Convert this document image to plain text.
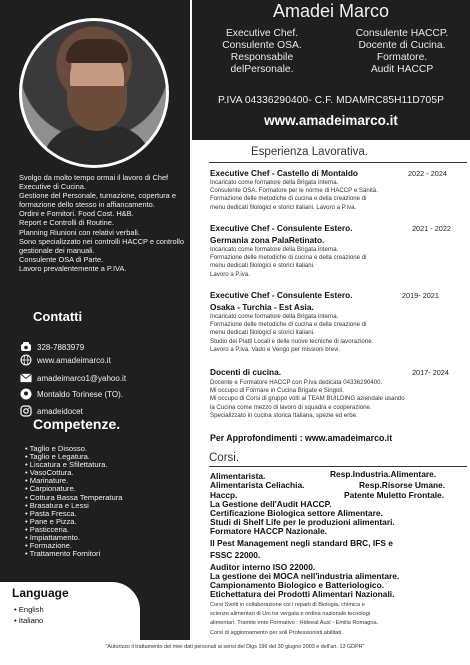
Svolgo da molto tempo ormai il lavoro di Chef Executive di Cucina.

Gestione del Personale, turnazione, copertura e formazione dello stesso in affiancamento.

Ordini e Fornitori. Food Cost. H&B.

Report e Controlli di Routine.

Planning Riunioni con relativi verbali.

Sono specializzato nei controlli HACCP e controllo gestionale dei manuali.

Consulente OSA di Parte.

Lavoro prevalentemente a P.IVA.

Contatti
328-7883979
www.amadeimarco.it
amadeimarco1@yahoo.it
Montaldo Torinese (TO).
amadeidocet
Competenze.
• Taglio e Disosso.
• Taglio e Legatura.
• Liscatura e Sfilettatura.
• VasoCottura.
• Marinature.
• Carpionature.
• Cottura Bassa Temperatura
• Brasatura e Lessi
• Pasta Fresca.
• Pane e Pizza.
• Pasticceria.
• Impiattamento.
• Formazione.
• Trattamento Fornitori
Language
• English
• Italiano
Amadei Marco
Executive Chef.
Consulente OSA.
Responsabile
delPersonale.
Consulente HACCP.
Docente di Cucina.
Formatore.
Audit HACCP
P.IVA 04336290400- C.F. MDAMRC85H11D705P
www.amadeimarco.it
Esperienza Lavorativa.
Executive Chef - Castello di Montaldo	2022 - 2024
Incaricato come formatore della Brigata interna.
Consulente OSA. Formatore per le norme di HACCP e Sanità.
Formazione delle metodiche di cucina e della creazione di
menu dedicati filologici e storici italiani. Lavoro a P.iva.
Executive Chef - Consulente Estero.	2021 - 2022
Germania zona PalaRetinato.
Incaricato come formatore della Brigata interna.
Formazione delle metodiche di cucina e della creazione di
menu dedicati filologici e storici italiani.
Lavoro a P.iva.
Executive Chef - Consulente Estero.	2019- 2021
Osaka - Turchia - Est Asia.
Incaricato come formatore della Brigata interna.
Formazione delle metodiche di cucina e della creazione di
menu dedicati filologici e storici italiani.
Studio dei Piatti Locali e delle nuove tecniche di lavorazione.
Lavoro a P.iva. Vado e Vengo per missioni brevi.
Docenti di cucina.	2017- 2024
Docente e Formatore HACCP con P.Iva dedicata 04336290400.
Mi occupo di Formare in Cucina Brigate e Singoli.
Mi occupo di Corsi di gruppo volti al TEAM BUILDING aziendale usando
la Cucina come mezzo di lavoro di squadra e cooperazione.
Specializzato in cucina storica Italiana, spezie ed erbe.
Per Approfondimenti : www.amadeimarco.it
Corsi.
Alimentarista.	Resp.Industria.Alimentare.
Alimentarista Celiachia.	Resp.Risorse Umane.
Haccp.	Patente Muletto Frontale.
La Gestione dell'Audit HACCP.
Certificazione Biologica settore Alimentare.
Studi di Shelf Life per le produzioni alimentari.
Formatore HACCP Nazionale.
Il Pest Management negli standard BRC, IFS e
FSSC 22000.
Auditor interno ISO 22000.
La gestione dei MOCA nell'industria alimentare.
Campionamento Biologico e Batteriologico.
Etichettatura dei Prodotti Alimentari Nazionali.
Corsi Svolti in collaborazione coi i reparti di Biologia, chimica e
scienze alimentari di Uni tor vergata e ordina nazionale tecnologi
alimentari. Tramite ente Formativo : Hideeal Ausl - Emilia Romagna.
Corsi di aggiornamento per soli Professionisti abilitati.
"Autorizzo il trattamento dei miei dati personali ai sensi del Dlgs 196 del 30 giugno 2003 e dell'art. 13 GDPR"
